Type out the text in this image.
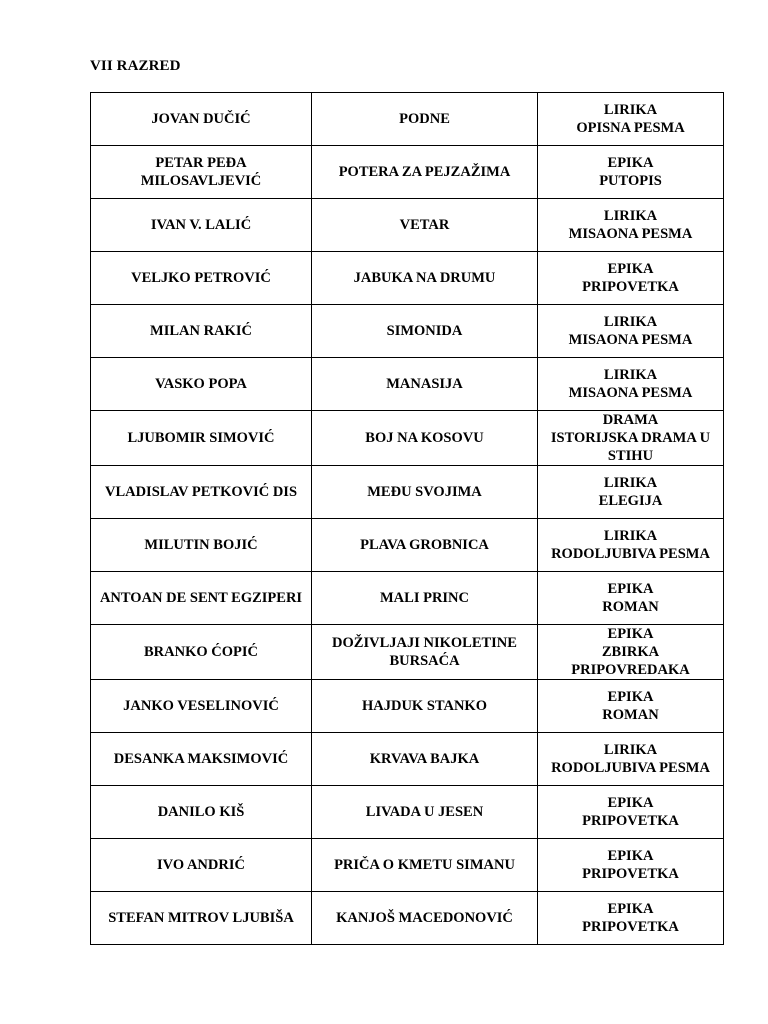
VII RAZRED
JOVAN DUČIĆ	PODNE	LIRIKA
OPISNA PESMA

PETAR PEĐA MILOSAVLJEVIĆ	POTERA ZA PEJZAŽIMA	EPIKA
PUTOPIS

IVAN V. LALIĆ	VETAR	LIRIKA
MISAONA PESMA

VELJKO PETROVIĆ	JABUKA NA DRUMU	EPIKA
PRIPOVETKA

MILAN RAKIĆ	SIMONIDA	LIRIKA
MISAONA PESMA

VASKO POPA	MANASIJA	LIRIKA
MISAONA PESMA

LJUBOMIR SIMOVIĆ	BOJ NA KOSOVU	DRAMA
ISTORIJSKA DRAMA U STIHU

VLADISLAV PETKOVIĆ DIS	MEĐU SVOJIMA	LIRIKA
ELEGIJA

MILUTIN BOJIĆ	PLAVA GROBNICA	LIRIKA
RODOLJUBIVA PESMA

ANTOAN DE SENT EGZIPERI	MALI PRINC	EPIKA
ROMAN

BRANKO ĆOPIĆ	DOŽIVLJAJI NIKOLETINE BURSAĆA	EPIKA
ZBIRKA PRIPOVREDAKA

JANKO VESELINOVIĆ	HAJDUK STANKO	EPIKA
ROMAN

DESANKA MAKSIMOVIĆ	KRVAVA BAJKA	LIRIKA
RODOLJUBIVA PESMA

DANILO KIŠ	LIVADA U JESEN	EPIKA
PRIPOVETKA

IVO ANDRIĆ	PRIČA O KMETU SIMANU	EPIKA
PRIPOVETKA

STEFAN MITROV LJUBIŠA	KANJOŠ MACEDONOVIĆ	EPIKA
PRIPOVETKA
